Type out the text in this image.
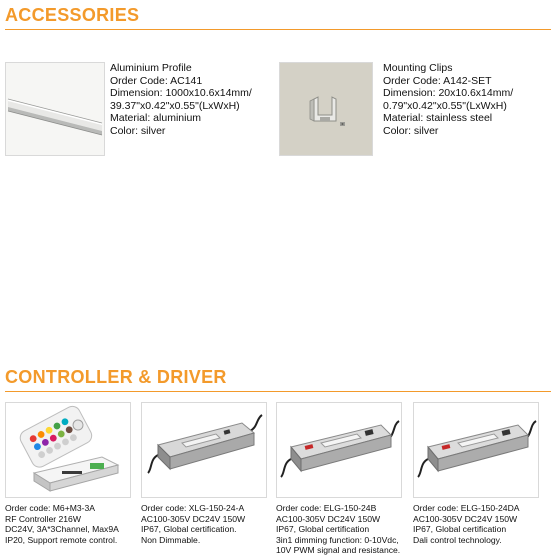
ACCESSORIES
Aluminium Profile
Order Code: AC141
Dimension: 1000x10.6x14mm/
39.37"x0.42"x0.55"(LxWxH)
Material: aluminium
Color: silver
Mounting Clips
Order Code: A142-SET
Dimension: 20x10.6x14mm/
0.79"x0.42"x0.55"(LxWxH)
Material: stainless steel
Color: silver
CONTROLLER & DRIVER
Order code: M6+M3-3A
RF Controller 216W
DC24V, 3A*3Channel, Max9A
IP20, Support remote control.
Order code: XLG-150-24-A
AC100-305V DC24V 150W
IP67, Global certification.
Non Dimmable.
Order code: ELG-150-24B
AC100-305V DC24V 150W
IP67, Global certification
3in1 dimming function: 0-10Vdc,
10V PWM signal and resistance.
Order code: ELG-150-24DA
AC100-305V DC24V 150W
IP67, Global certification
Dali control technology.
